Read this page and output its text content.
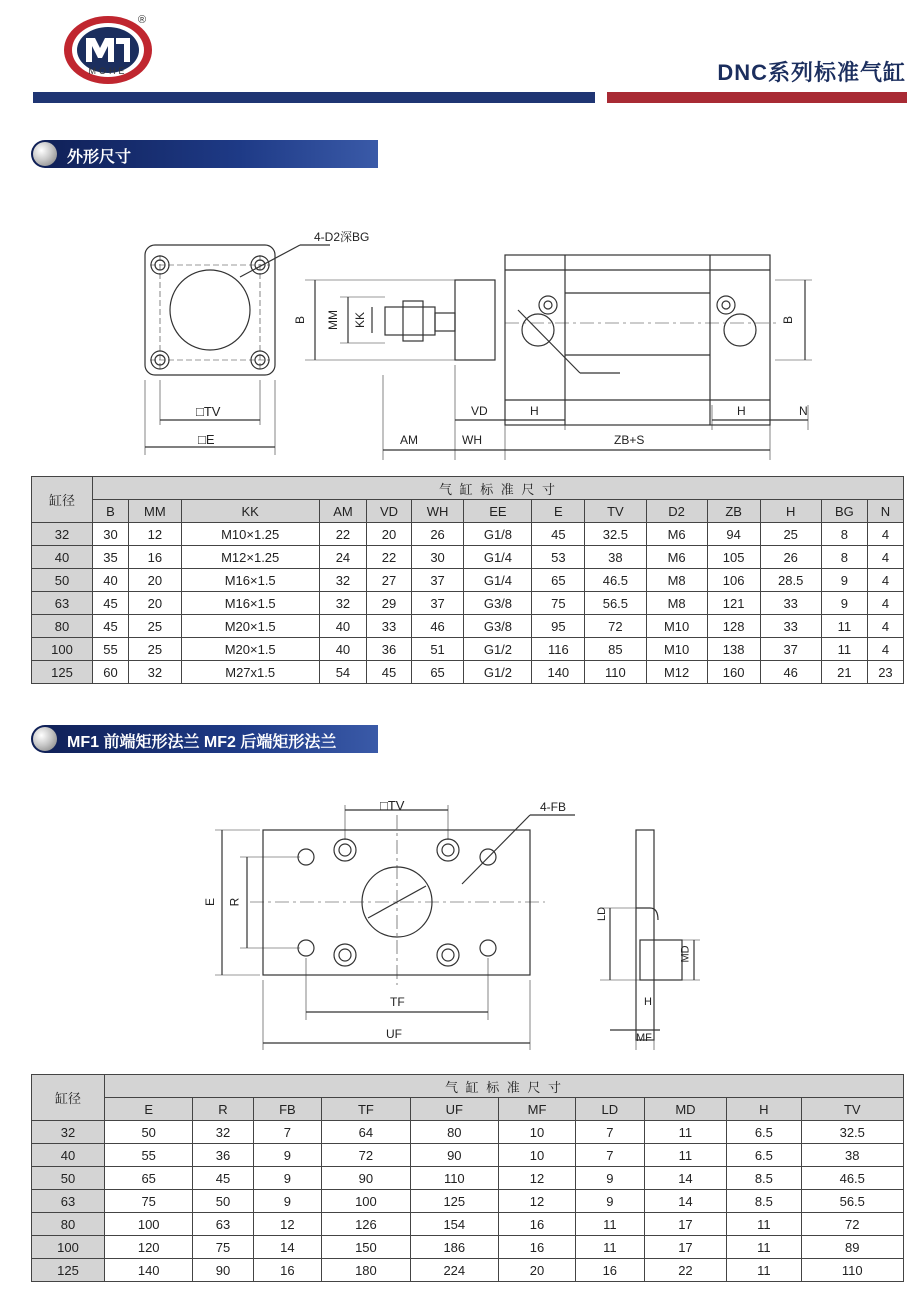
MOHE
®
DNC系列标准气缸
外形尺寸
4-D2深BG
□TV
□E
B MM KK
VD	H
AM	WH	ZB+S
B
H	N
缸径	气 缸 标 准 尺 寸													
	B	MM	KK	AM	VD	WH	EE	E	TV	D2	ZB	H	BG	N
32	30	12	M10×1.25	22	20	26	G1/8	45	32.5	M6	94	25	8	4
40	35	16	M12×1.25	24	22	30	G1/4	53	38	M6	105	26	8	4
50	40	20	M16×1.5	32	27	37	G1/4	65	46.5	M8	106	28.5	9	4
63	45	20	M16×1.5	32	29	37	G3/8	75	56.5	M8	121	33	9	4
80	45	25	M20×1.5	40	33	46	G3/8	95	72	M10	128	33	11	4
100	55	25	M20×1.5	40	36	51	G1/2	116	85	M10	138	37	11	4
125	60	32	M27x1.5	54	45	65	G1/2	140	110	M12	160	46	21	23
MF1 前端矩形法兰 MF2 后端矩形法兰
□TV	4-FB
E R
TF
UF
LD
MD
H
MF
缸径	气 缸 标 准 尺 寸									
	E	R	FB	TF	UF	MF	LD	MD	H	TV
32	50	32	7	64	80	10	7	11	6.5	32.5
40	55	36	9	72	90	10	7	11	6.5	38
50	65	45	9	90	110	12	9	14	8.5	46.5
63	75	50	9	100	125	12	9	14	8.5	56.5
80	100	63	12	126	154	16	11	17	11	72
100	120	75	14	150	186	16	11	17	11	89
125	140	90	16	180	224	20	16	22	11	110
